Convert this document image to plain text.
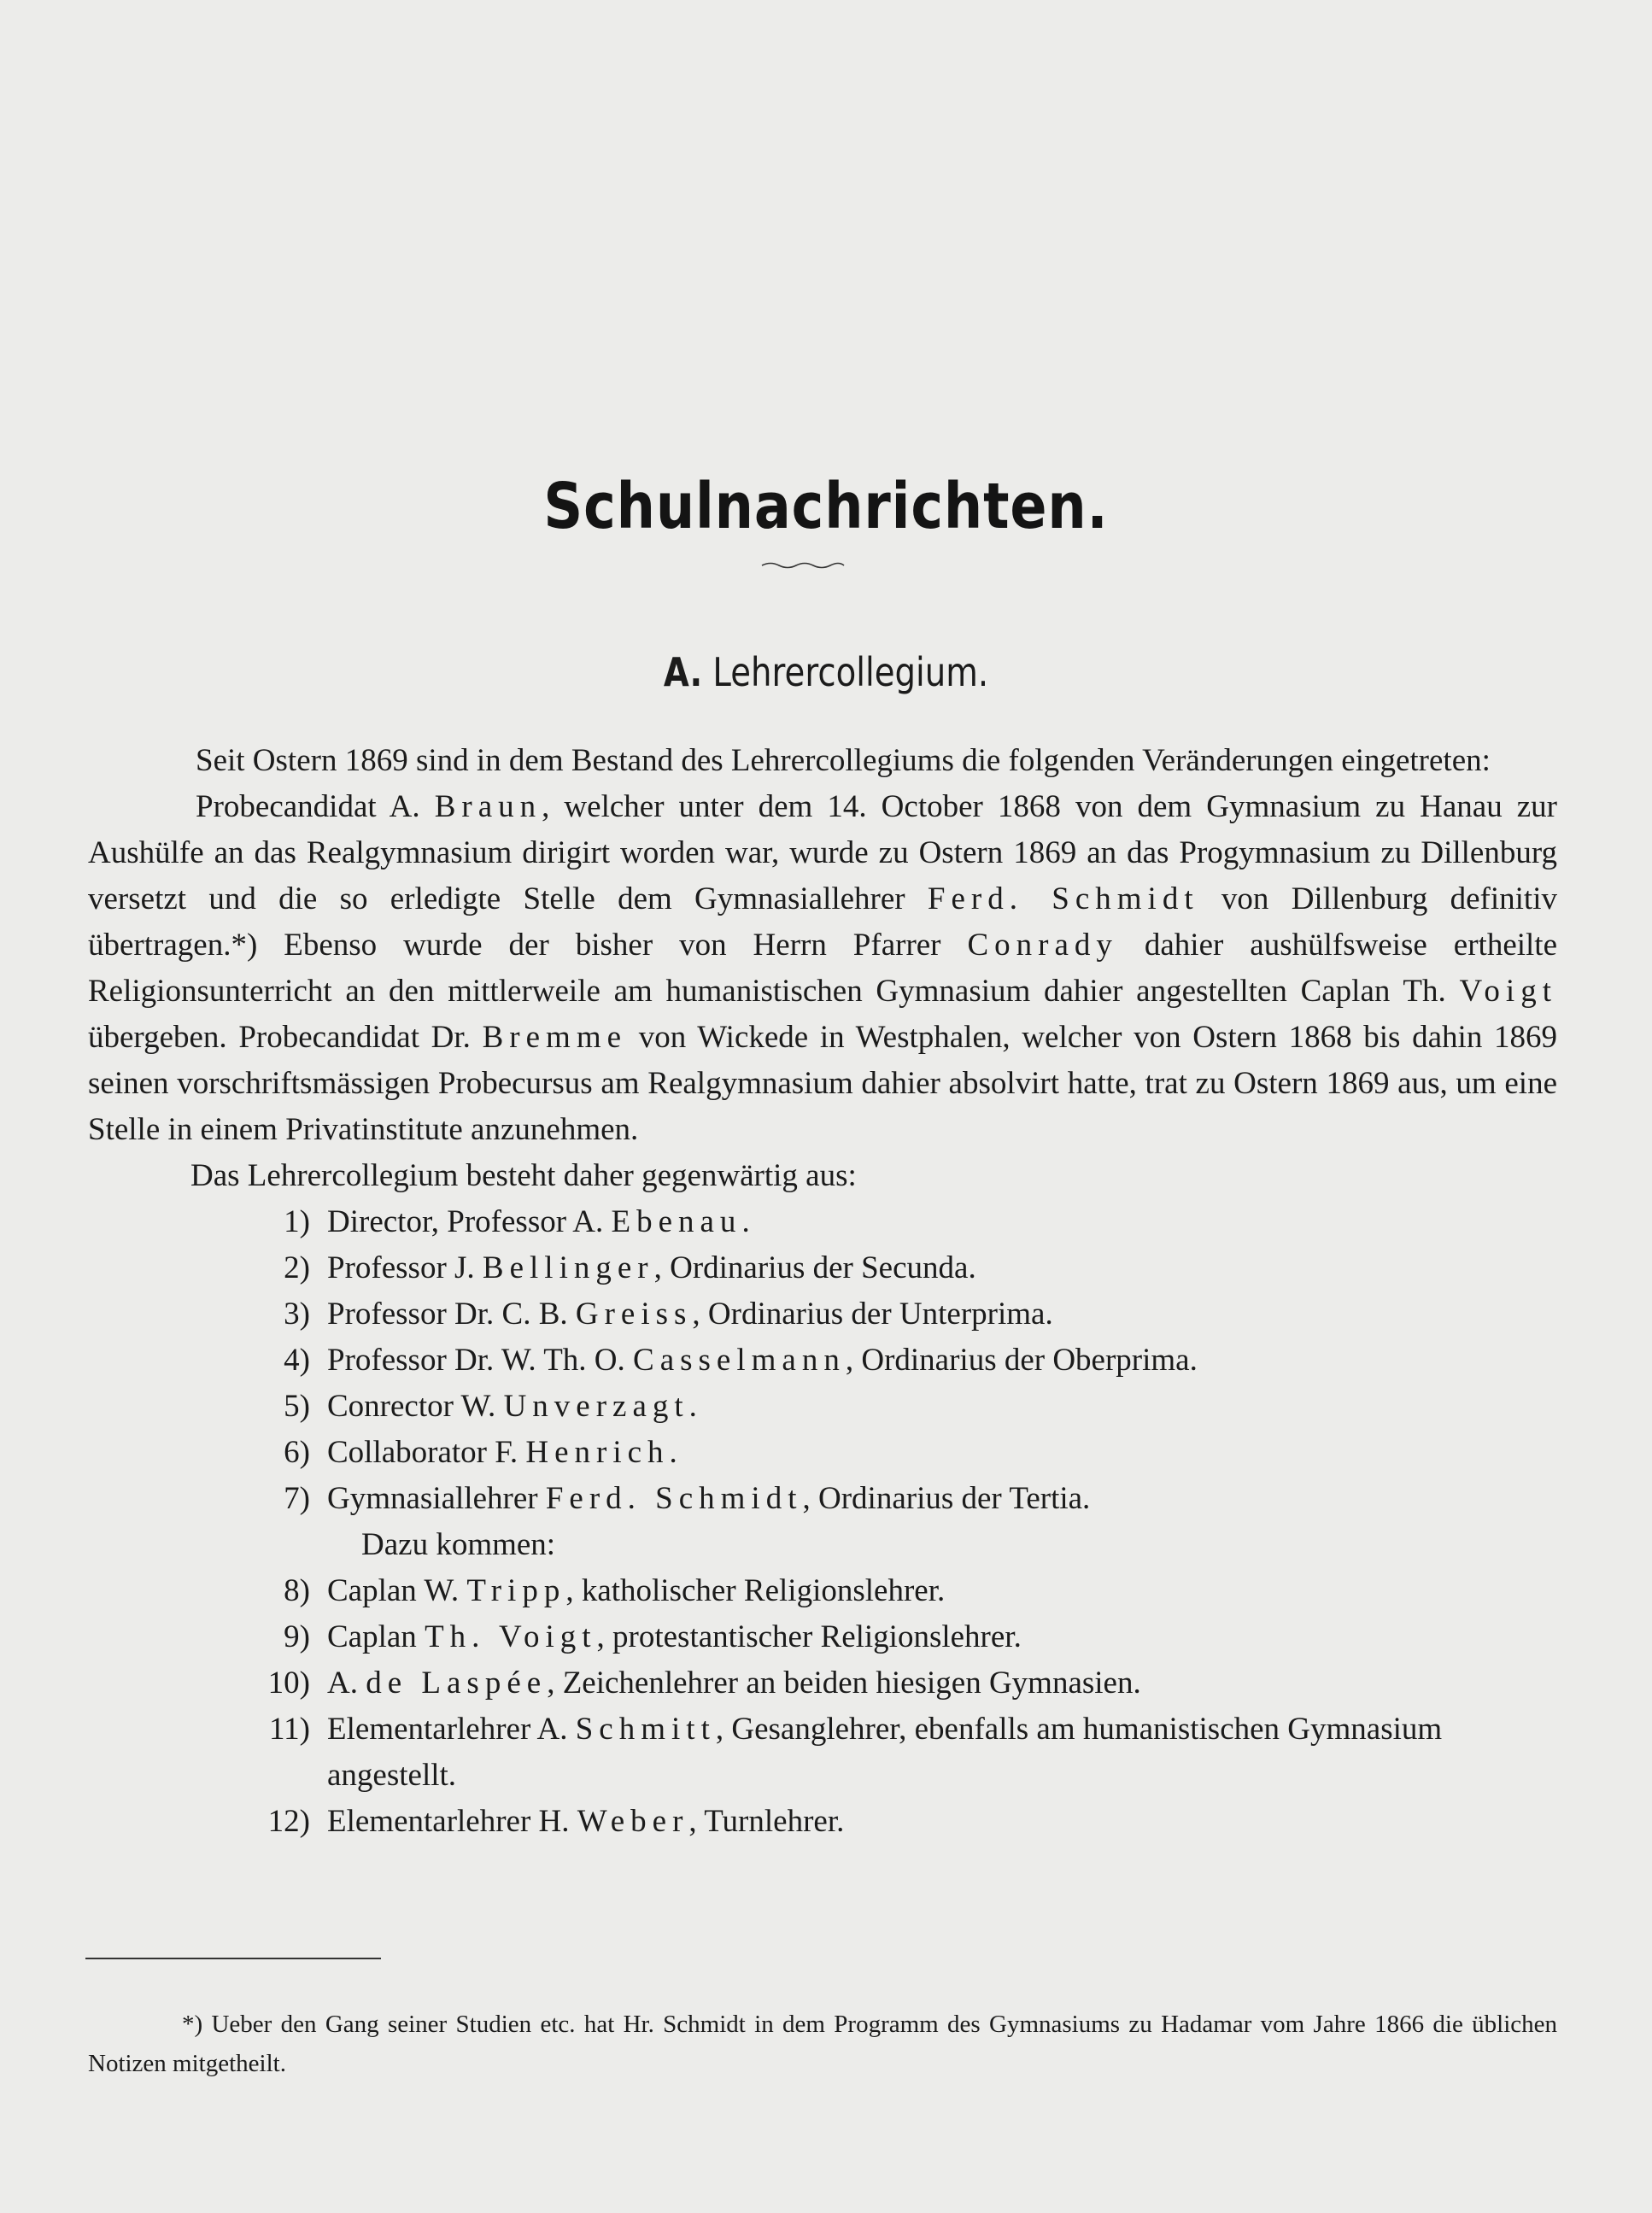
Schulnachrichten.
A. Lehrercollegium.

Seit Ostern 1869 sind in dem Bestand des Lehrercollegiums die folgenden Veränderungen eingetreten:

Probecandidat A. Braun, welcher unter dem 14. October 1868 von dem Gymnasium zu Hanau zur Aushülfe an das Realgymnasium dirigirt worden war, wurde zu Ostern 1869 an das Progymnasium zu Dillenburg versetzt und die so erledigte Stelle dem Gymnasiallehrer Ferd. Schmidt von Dillenburg definitiv übertragen.*) Ebenso wurde der bisher von Herrn Pfarrer Conrady dahier aushülfsweise ertheilte Religionsunterricht an den mittlerweile am humanistischen Gymnasium dahier angestellten Caplan Th. Voigt übergeben. Probecandidat Dr. Bremme von Wickede in Westphalen, welcher von Ostern 1868 bis dahin 1869 seinen vorschriftsmässigen Probecursus am Realgymnasium dahier absolvirt hatte, trat zu Ostern 1869 aus, um eine Stelle in einem Privatinstitute anzunehmen.

Das Lehrercollegium besteht daher gegenwärtig aus:

1) Director, Professor A. Ebenau.
2) Professor J. Bellinger, Ordinarius der Secunda.
3) Professor Dr. C. B. Greiss, Ordinarius der Unterprima.
4) Professor Dr. W. Th. O. Casselmann, Ordinarius der Oberprima.
5) Conrector W. Unverzagt.
6) Collaborator F. Henrich.
7) Gymnasiallehrer Ferd. Schmidt, Ordinarius der Tertia.

Dazu kommen:

8) Caplan W. Tripp, katholischer Religionslehrer.
9) Caplan Th. Voigt, protestantischer Religionslehrer.
10) A. de Laspée, Zeichenlehrer an beiden hiesigen Gymnasien.
11) Elementarlehrer A. Schmitt, Gesanglehrer, ebenfalls am humanistischen Gymnasium angestellt.
12) Elementarlehrer H. Weber, Turnlehrer.

*) Ueber den Gang seiner Studien etc. hat Hr. Schmidt in dem Programm des Gymnasiums zu Hadamar vom Jahre 1866 die üblichen Notizen mitgetheilt.
